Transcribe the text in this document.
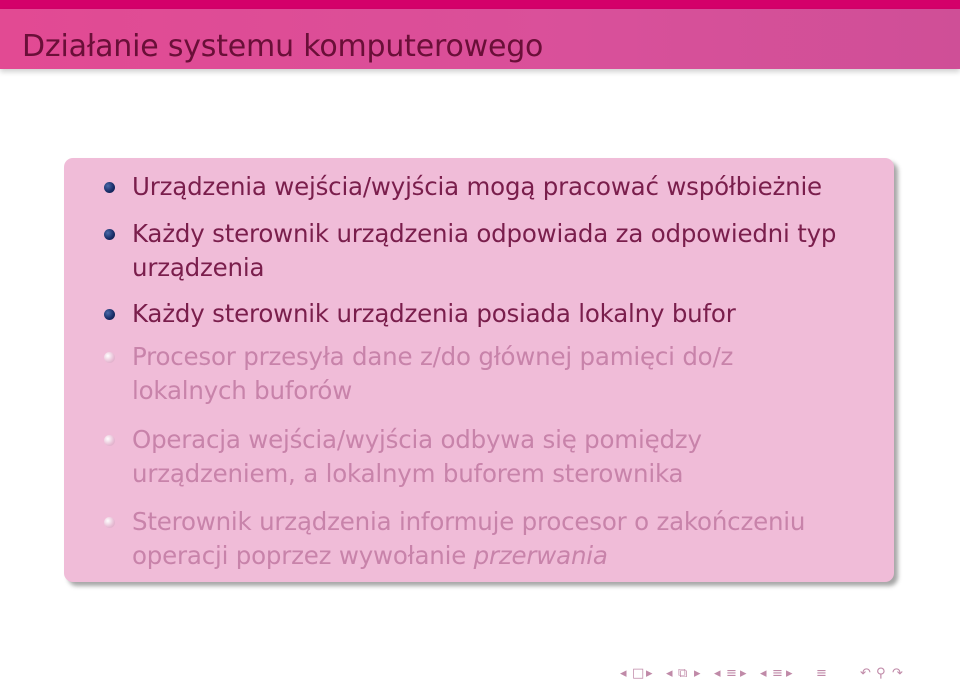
Działanie systemu komputerowego
Urządzenia wejścia/wyjścia mogą pracować współbieżnie
Każdy sterownik urządzenia odpowiada za odpowiedni typ
urządzenia
Każdy sterownik urządzenia posiada lokalny bufor
Procesor przesyła dane z/do głównej pamięci do/z
lokalnych buforów
Operacja wejścia/wyjścia odbywa się pomiędzy
urządzeniem, a lokalnym buforem sterownika
Sterownik urządzenia informuje procesor o zakończeniu
operacji poprzez wywołanie przerwania
◂ □ ▸ ◂ ⧉ ▸ ◂ ≡ ▸ ◂ ≡ ▸ ≡	↶ ⚲ ↷
